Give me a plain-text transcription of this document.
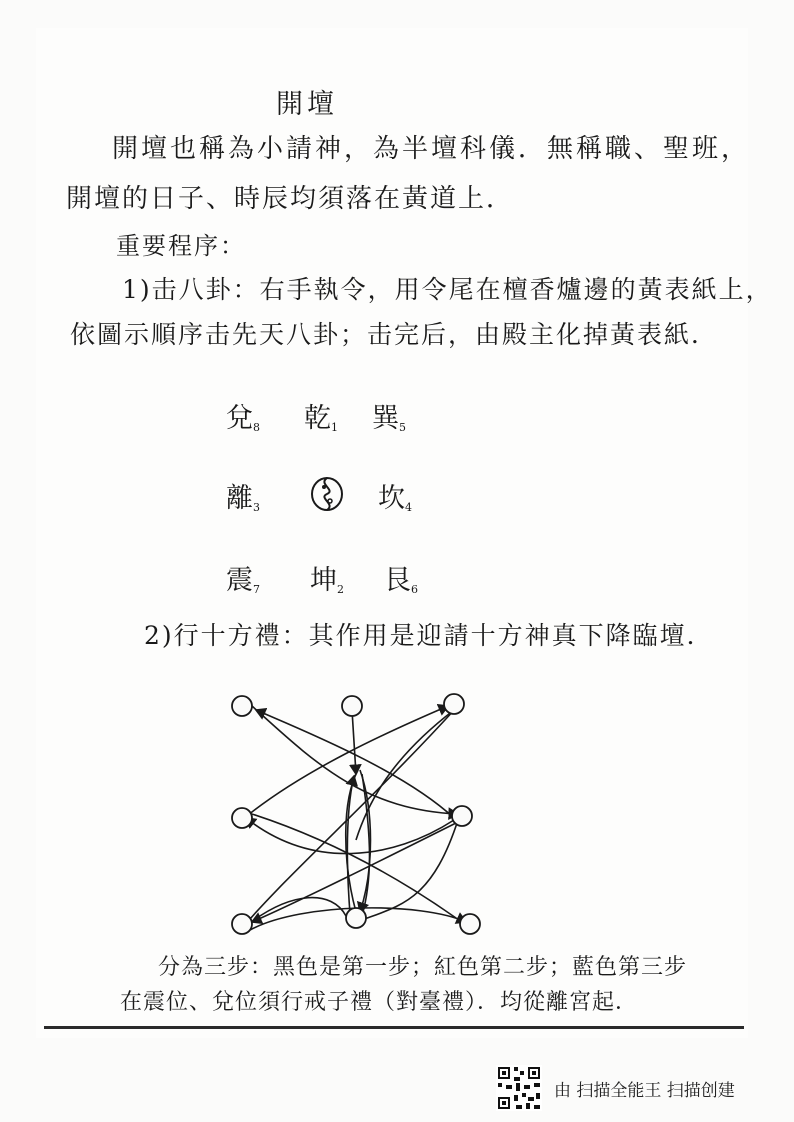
開壇
開壇也稱為小請神，為半壇科儀．無稱職、聖班，
開壇的日子、時辰均須落在黃道上．
重要程序：
1)击八卦：右手執令，用令尾在檀香爐邊的黃表紙上，
依圖示順序击先天八卦；击完后，由殿主化掉黃表紙．
兌$_8$ 乾$_1$ 巽$_5$
離$_3$	坎$_4$
震$_7$ 坤$_2$ 艮$_6$
2)行十方禮：其作用是迎請十方神真下降臨壇．
分為三步：黑色是第一步；紅色第二步；藍色第三步
在震位、兌位須行戒子禮（對臺禮）．均從離宮起．
由 扫描全能王 扫描创建
